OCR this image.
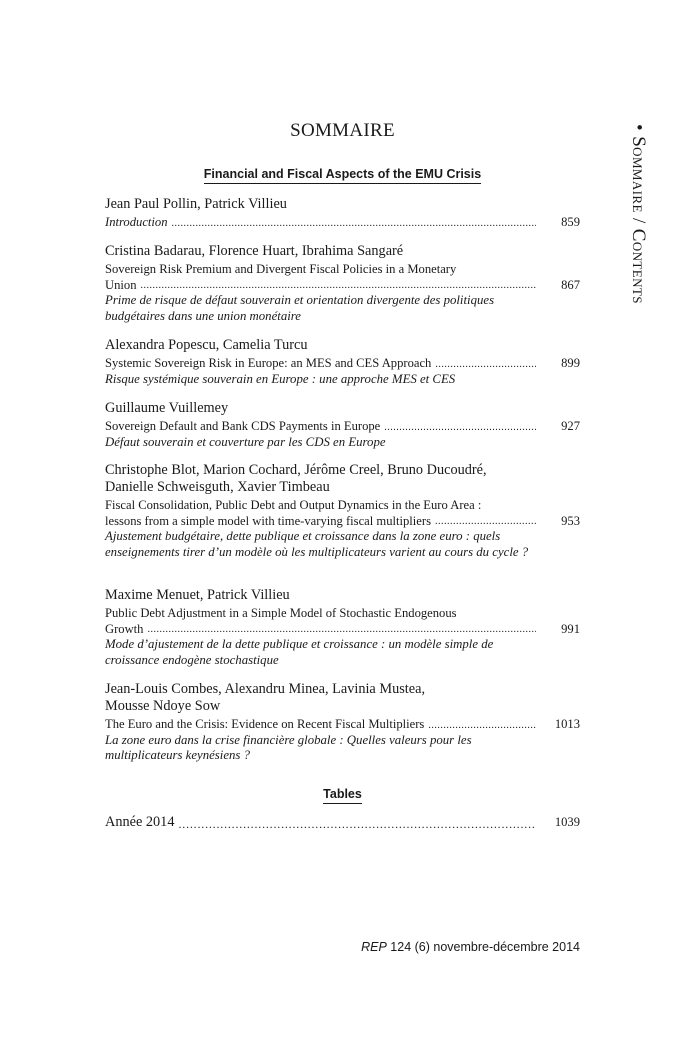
SOMMAIRE
Financial and Fiscal Aspects of the EMU Crisis
Jean Paul Pollin, Patrick Villieu
Introduction .....	859
Cristina Badarau, Florence Huart, Ibrahima Sangaré
Sovereign Risk Premium and Divergent Fiscal Policies in a Monetary
Union .....	867
Prime de risque de défaut souverain et orientation divergente des politiques budgétaires dans une union monétaire
Alexandra Popescu, Camelia Turcu
Systemic Sovereign Risk in Europe: an MES and CES Approach .....	899
Risque systémique souverain en Europe : une approche MES et CES
Guillaume Vuillemey
Sovereign Default and Bank CDS Payments in Europe .....	927
Défaut souverain et couverture par les CDS en Europe
Christophe Blot, Marion Cochard, Jérôme Creel, Bruno Ducoudré,
Danielle Schweisguth, Xavier Timbeau
Fiscal Consolidation, Public Debt and Output Dynamics in the Euro Area :
lessons from a simple model with time-varying fiscal multipliers .....	953
Ajustement budgétaire, dette publique et croissance dans la zone euro : quels enseignements tirer d’un modèle où les multiplicateurs varient au cours du cycle ?
Maxime Menuet, Patrick Villieu
Public Debt Adjustment in a Simple Model of Stochastic Endogenous
Growth .....	991
Mode d’ajustement de la dette publique et croissance : un modèle simple de croissance endogène stochastique
Jean-Louis Combes, Alexandru Minea, Lavinia Mustea,
Mousse Ndoye Sow
The Euro and the Crisis: Evidence on Recent Fiscal Multipliers .....	1013
La zone euro dans la crise financière globale : Quelles valeurs pour les multiplicateurs keynésiens ?
Tables
Année 2014 .....	1039
• Sommaire / Contents
REP 124 (6) novembre-décembre 2014
